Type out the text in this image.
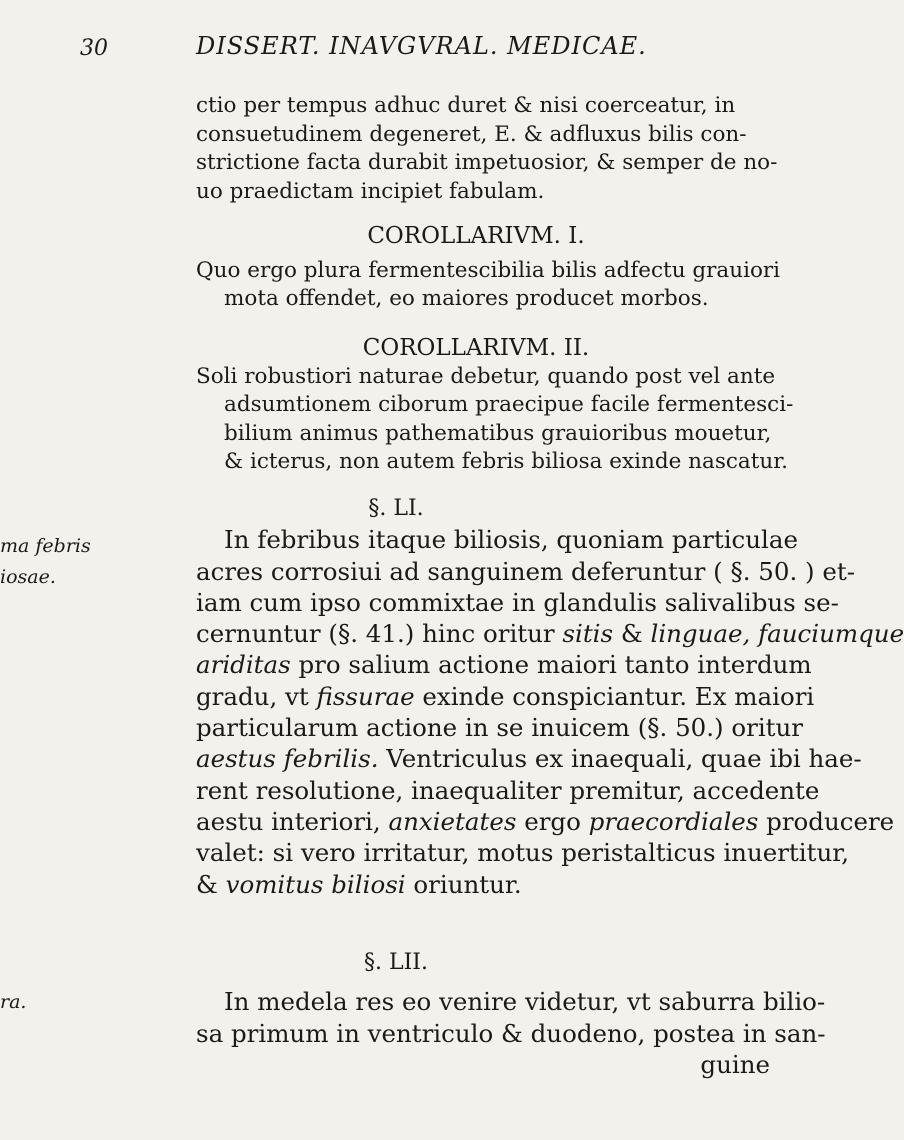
30	DISSERT. INAVGVRAL. MEDICAE.

ctio per tempus adhuc duret & nisi coerceatur, in

consuetudinem degeneret, E. & adfluxus bilis con-

strictione facta durabit impetuosior, & semper de no-

uo praedictam incipiet fabulam.

COROLLARIVM. I.

Quo ergo plura fermentescibilia bilis adfectu grauiori

mota offendet, eo maiores producet morbos.

COROLLARIVM. II.

Soli robustiori naturae debetur, quando post vel ante

adsumtionem ciborum praecipue facile fermentesci-

bilium animus pathematibus grauioribus mouetur,

& icterus, non autem febris biliosa exinde nascatur.

ma febris
iosae.

§. LI.

In febribus itaque biliosis, quoniam particulae

acres corrosiui ad sanguinem deferuntur ( §. 50. ) et-

iam cum ipso commixtae in glandulis salivalibus se-

cernuntur (§. 41.) hinc oritur sitis & linguae, fauciumque

ariditas pro salium actione maiori tanto interdum

gradu, vt fissurae exinde conspiciantur. Ex maiori

particularum actione in se inuicem (§. 50.) oritur

aestus febrilis. Ventriculus ex inaequali, quae ibi hae-

rent resolutione, inaequaliter premitur, accedente

aestu interiori, anxietates ergo praecordiales producere

valet: si vero irritatur, motus peristalticus inuertitur,

& vomitus biliosi oriuntur.

ra.

§. LII.

In medela res eo venire videtur, vt saburra bilio-

sa primum in ventriculo & duodeno, postea in san-

guine
